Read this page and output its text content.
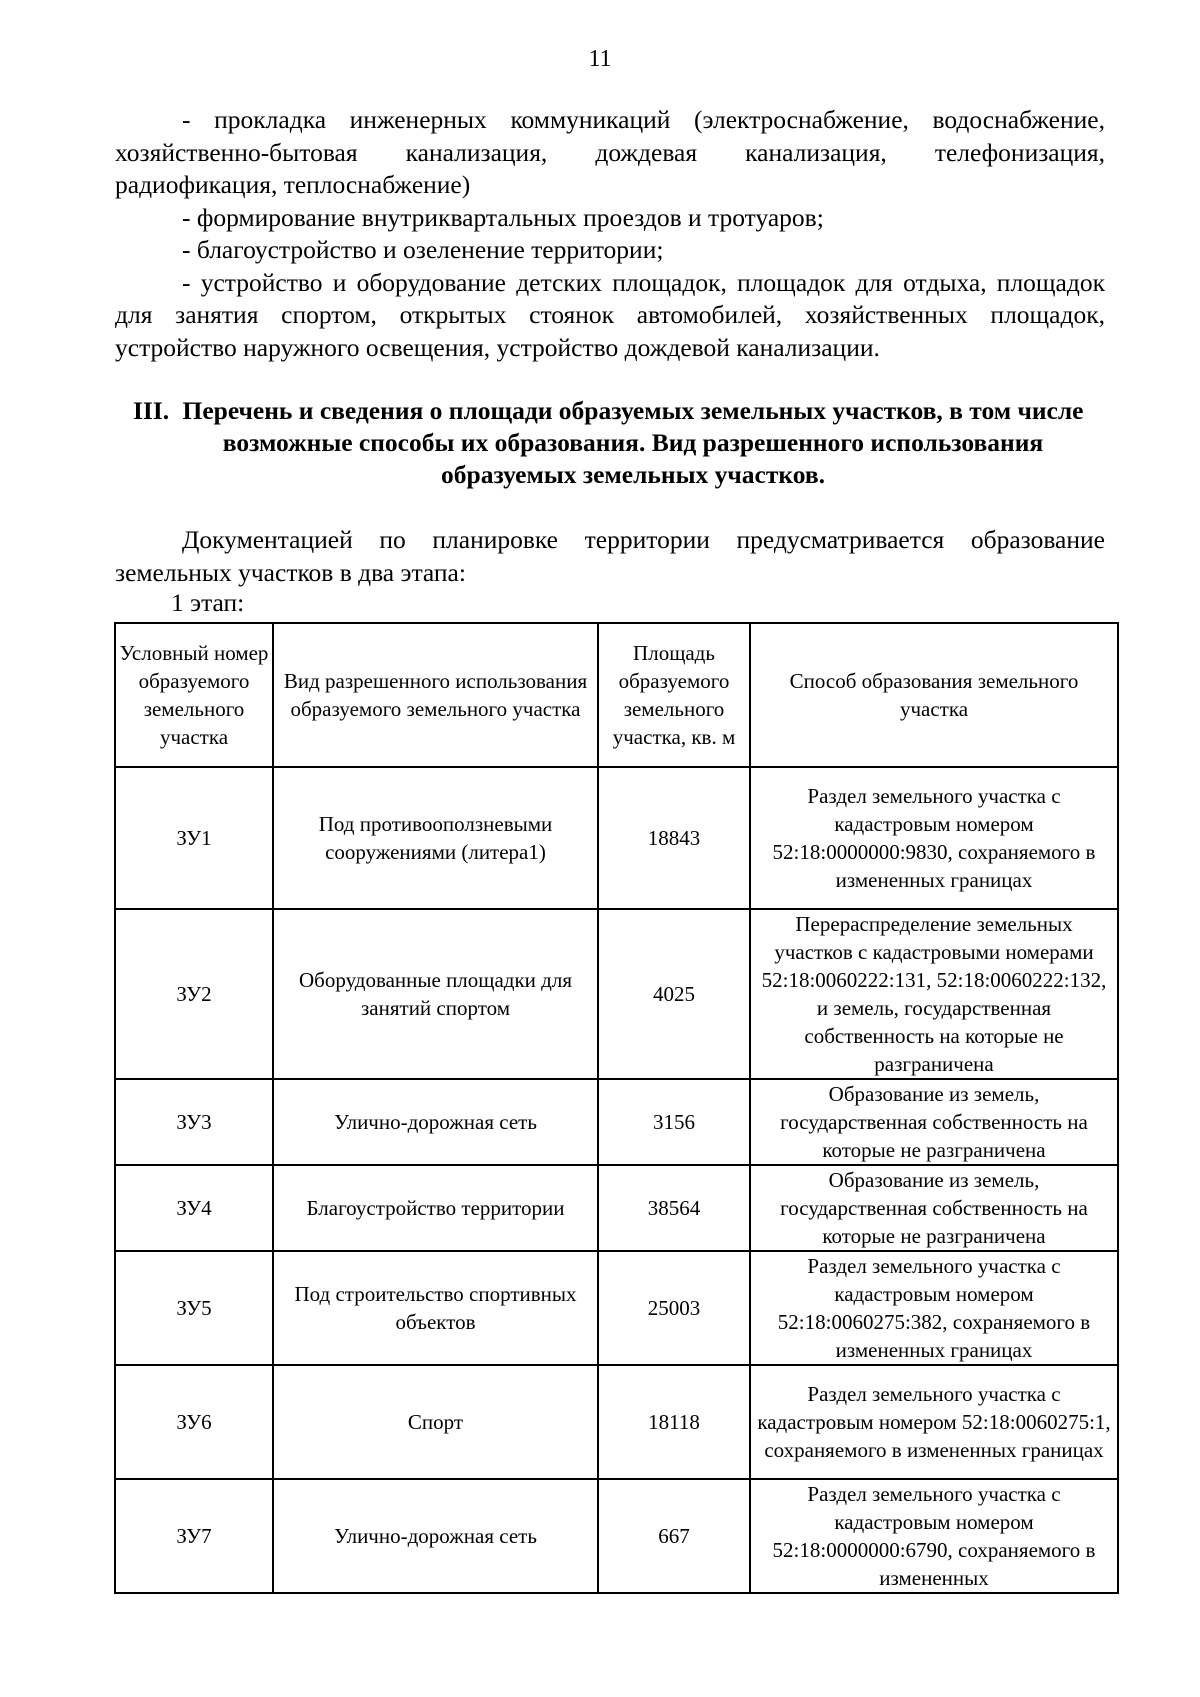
11

- прокладка инженерных коммуникаций (электроснабжение, водоснабжение, хозяйственно-бытовая канализация, дождевая канализация, телефонизация, радиофикация, теплоснабжение)

- формирование внутриквартальных проездов и тротуаров;

- благоустройство и озеленение территории;

- устройство и оборудование детских площадок, площадок для отдыха, площадок для занятия спортом, открытых стоянок автомобилей, хозяйственных площадок, устройство наружного освещения, устройство дождевой канализации.

III. Перечень и сведения о площади образуемых земельных участков, в том числе возможные способы их образования. Вид разрешенного использования образуемых земельных участков.

Документацией по планировке территории предусматривается образование земельных участков в два этапа:

1 этап:
Условный номер образуемого земельного участка	Вид разрешенного использования образуемого земельного участка	Площадь образуемого земельного участка, кв. м	Способ образования земельного участка
ЗУ1	Под противооползневыми сооружениями (литера1)	18843	Раздел земельного участка с кадастровым номером 52:18:0000000:9830, сохраняемого в измененных границах
ЗУ2	Оборудованные площадки для занятий спортом	4025	Перераспределение земельных участков с кадастровыми номерами 52:18:0060222:131, 52:18:0060222:132, и земель, государственная собственность на которые не разграничена
ЗУ3	Улично-дорожная сеть	3156	Образование из земель, государственная собственность на которые не разграничена
ЗУ4	Благоустройство территории	38564	Образование из земель, государственная собственность на которые не разграничена
ЗУ5	Под строительство спортивных объектов	25003	Раздел земельного участка с кадастровым номером 52:18:0060275:382, сохраняемого в измененных границах
ЗУ6	Спорт	18118	Раздел земельного участка с кадастровым номером 52:18:0060275:1, сохраняемого в измененных границах
ЗУ7	Улично-дорожная сеть	667	Раздел земельного участка с кадастровым номером 52:18:0000000:6790, сохраняемого в измененных
